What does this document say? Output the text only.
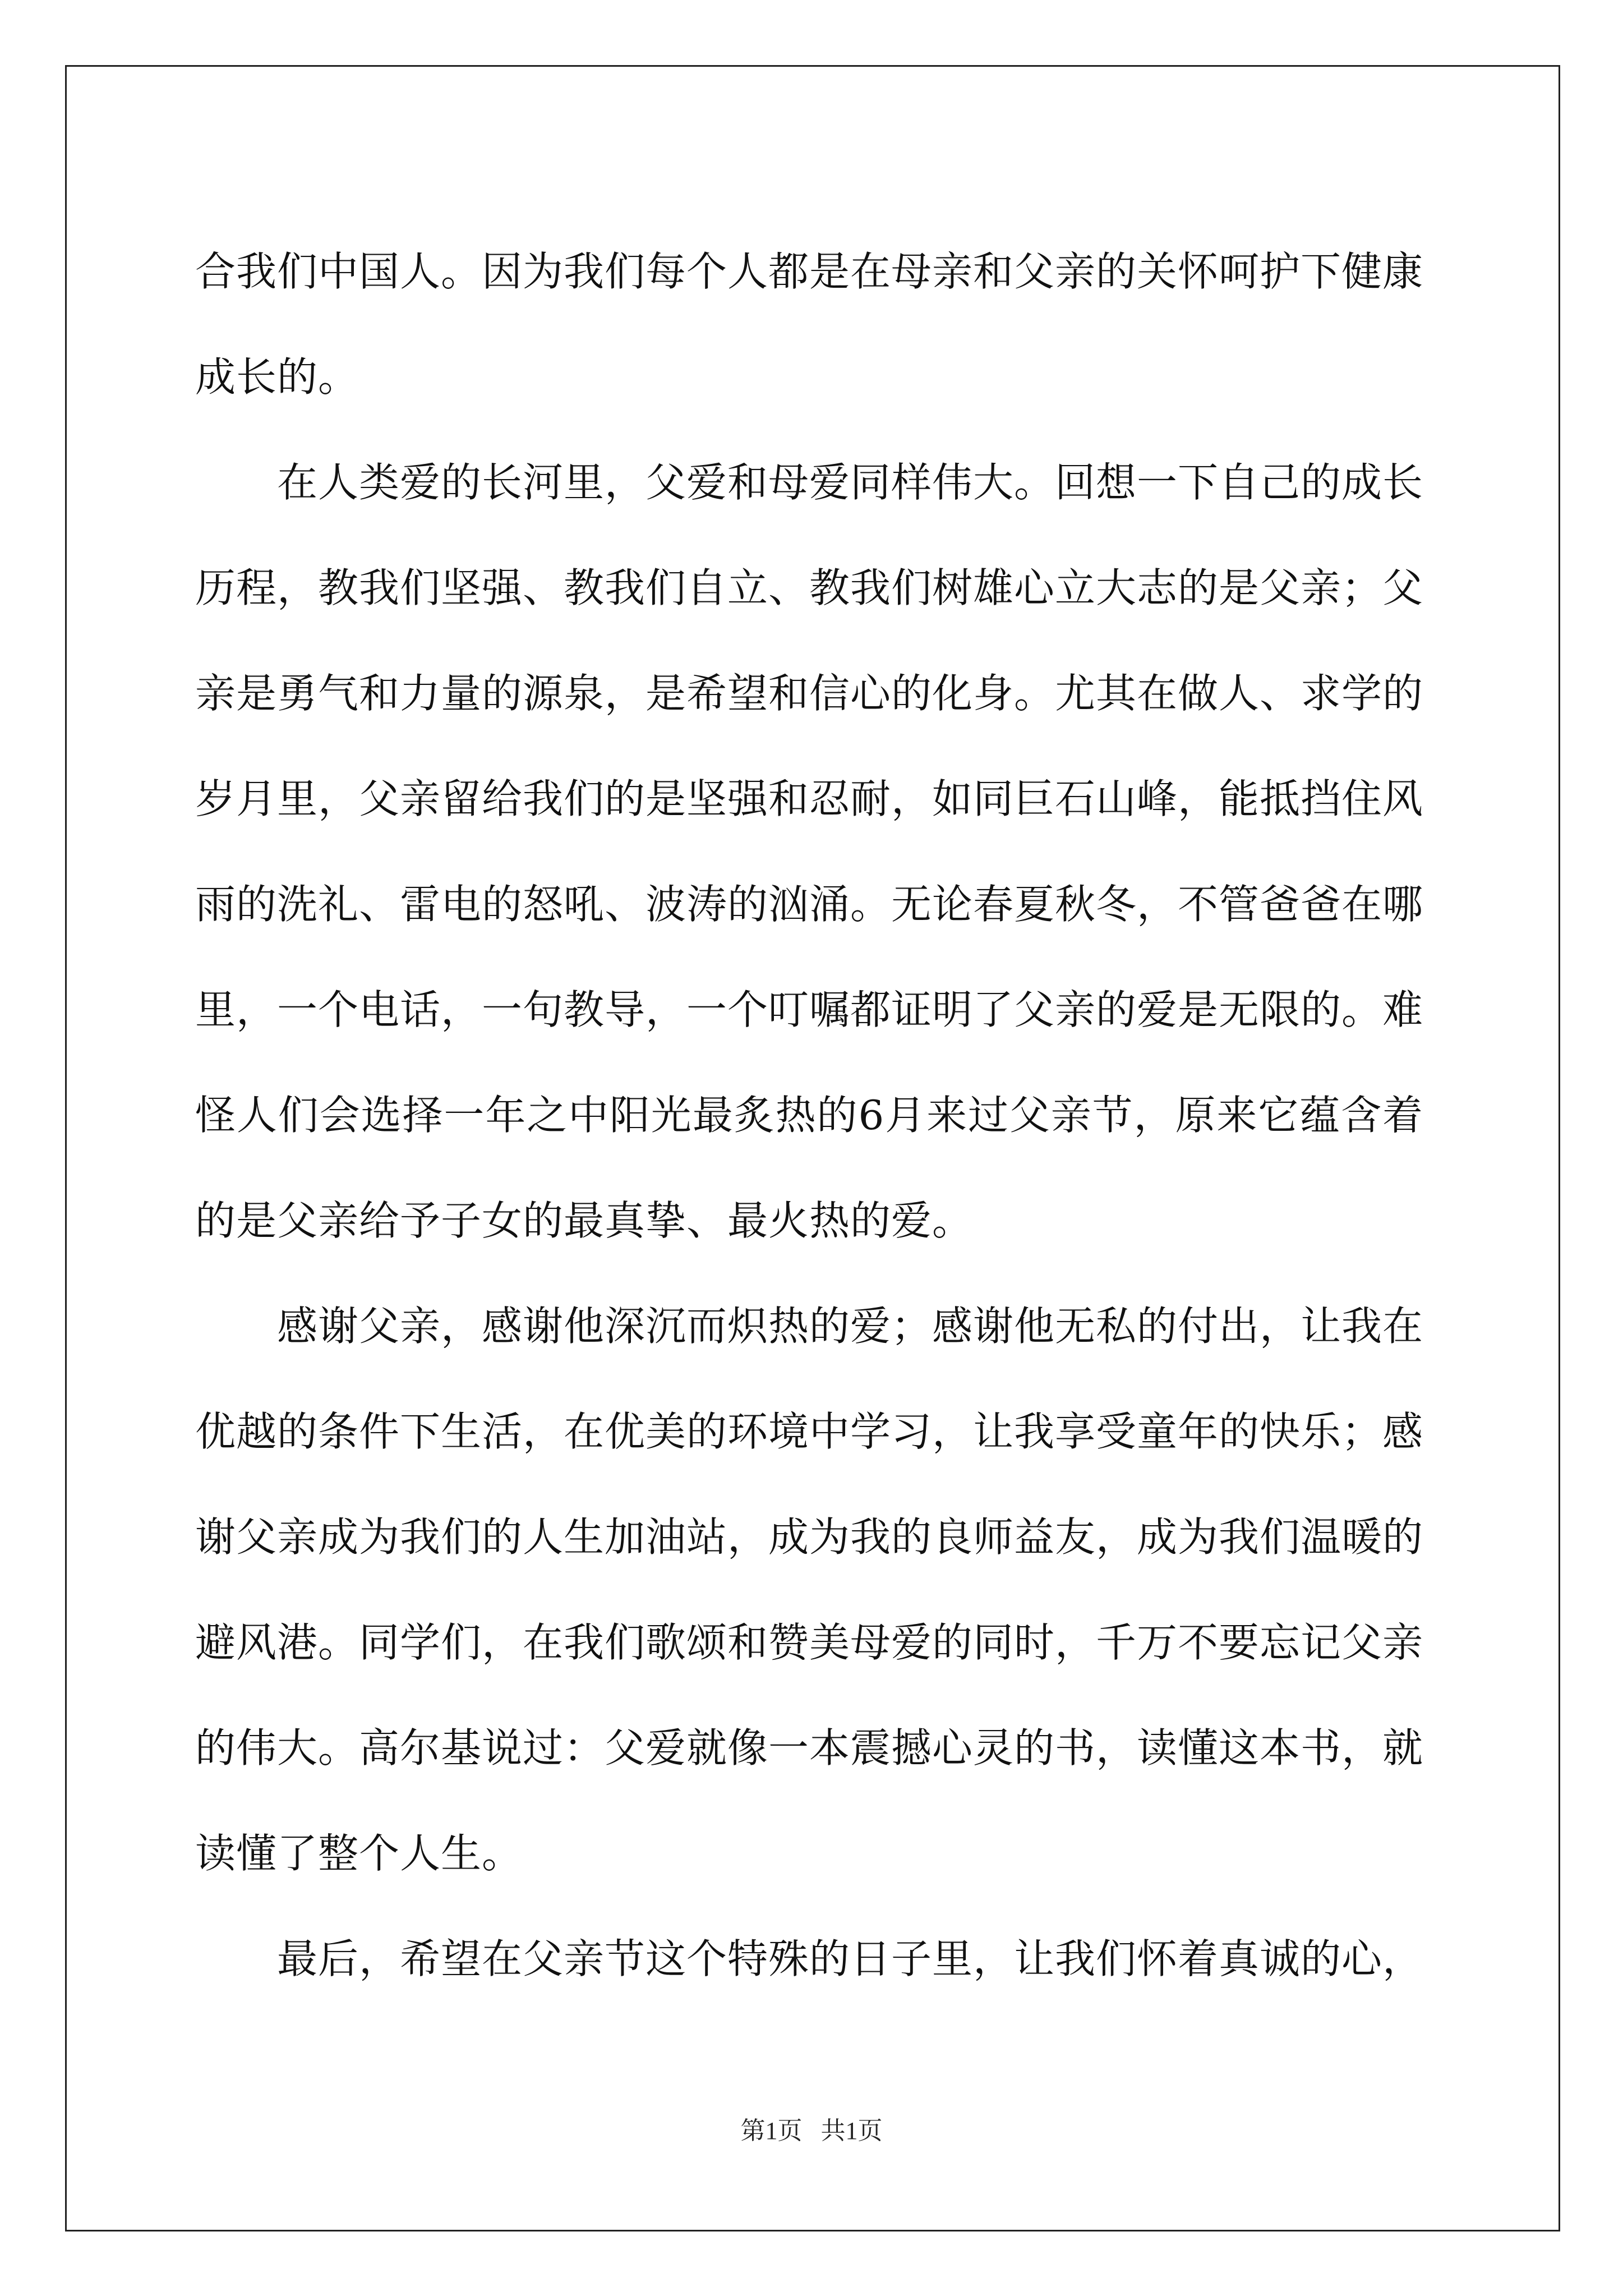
合我们中国人。因为我们每个人都是在母亲和父亲的关怀呵护下健康成长的。

在人类爱的长河里，父爱和母爱同样伟大。回想一下自己的成长历程，教我们坚强、教我们自立、教我们树雄心立大志的是父亲；父亲是勇气和力量的源泉，是希望和信心的化身。尤其在做人、求学的岁月里，父亲留给我们的是坚强和忍耐，如同巨石山峰，能抵挡住风雨的洗礼、雷电的怒吼、波涛的汹涌。无论春夏秋冬，不管爸爸在哪里，一个电话，一句教导，一个叮嘱都证明了父亲的爱是无限的。难怪人们会选择一年之中阳光最炙热的6月来过父亲节，原来它蕴含着的是父亲给予子女的最真挚、最火热的爱。

感谢父亲，感谢他深沉而炽热的爱；感谢他无私的付出，让我在优越的条件下生活，在优美的环境中学习，让我享受童年的快乐；感谢父亲成为我们的人生加油站，成为我的良师益友，成为我们温暖的避风港。同学们，在我们歌颂和赞美母爱的同时，千万不要忘记父亲的伟大。高尔基说过：父爱就像一本震撼心灵的书，读懂这本书，就读懂了整个人生。

最后，希望在父亲节这个特殊的日子里，让我们怀着真诚的心，

第1页   共1页
